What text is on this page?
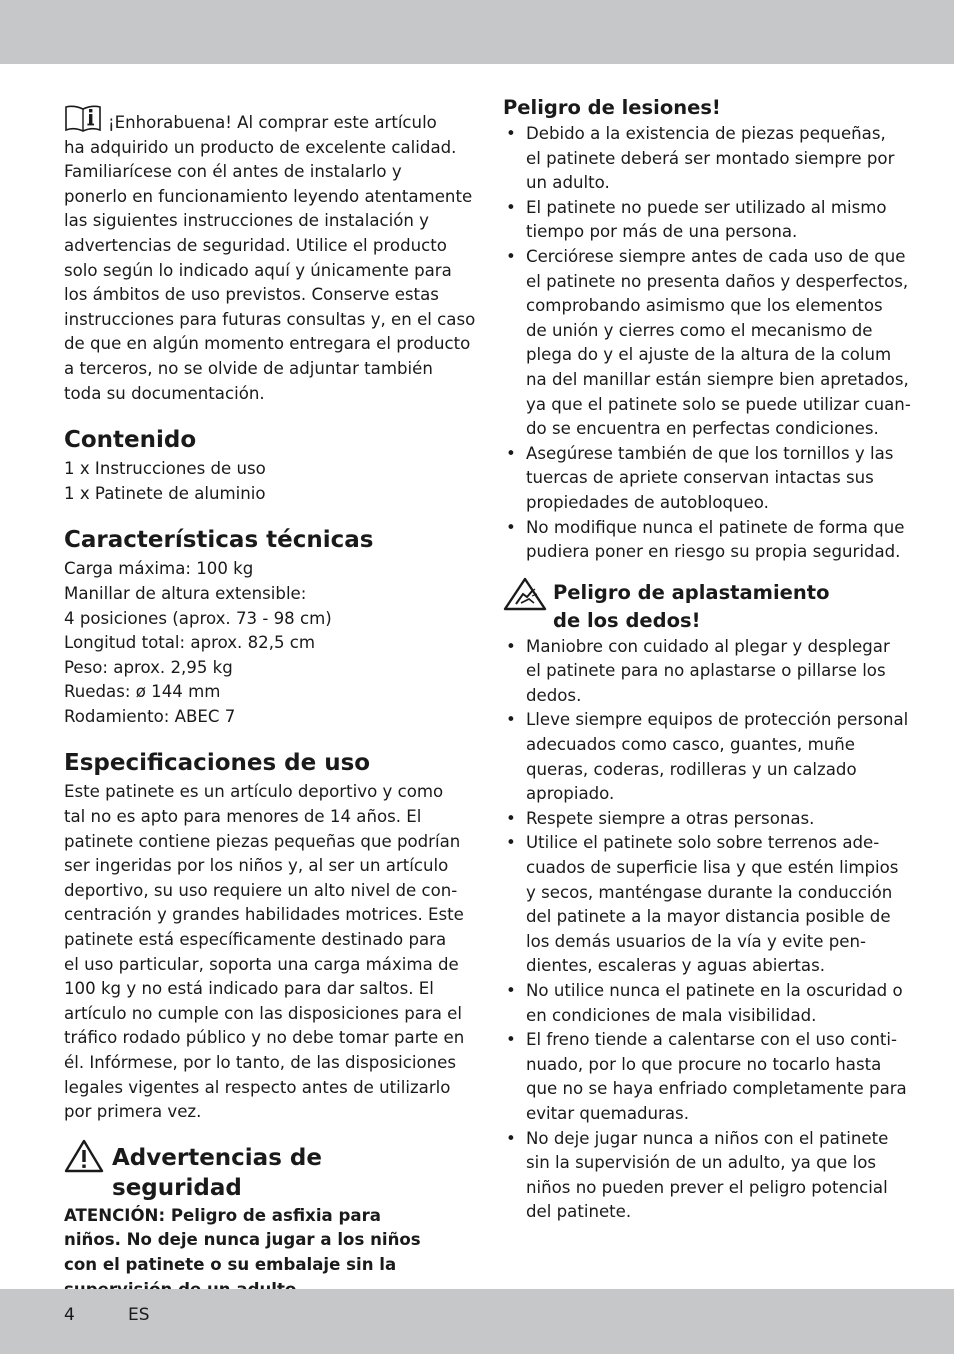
¡Enhorabuena! Al comprar este artículo
ha adquirido un producto de excelente calidad.
Familiarícese con él antes de instalarlo y
ponerlo en funcionamiento leyendo atentamente
las siguientes instrucciones de instalación y
advertencias de seguridad. Utilice el producto
solo según lo indicado aquí y únicamente para
los ámbitos de uso previstos. Conserve estas
instrucciones para futuras consultas y, en el caso
de que en algún momento entregara el producto
a terceros, no se olvide de adjuntar también
toda su documentación.

Contenido

1 x Instrucciones de uso
1 x Patinete de aluminio

Características técnicas

Carga máxima: 100 kg
Manillar de altura extensible:
4 posiciones (aprox. 73 - 98 cm)
Longitud total: aprox. 82,5 cm
Peso: aprox. 2,95 kg
Ruedas: ø 144 mm
Rodamiento: ABEC 7

Especificaciones de uso

Este patinete es un artículo deportivo y como
tal no es apto para menores de 14 años. El
patinete contiene piezas pequeñas que podrían
ser ingeridas por los niños y, al ser un artículo
deportivo, su uso requiere un alto nivel de con-
centración y grandes habilidades motrices. Este
patinete está específicamente destinado para
el uso particular, soporta una carga máxima de
100 kg y no está indicado para dar saltos. El
artículo no cumple con las disposiciones para el
tráfico rodado público y no debe tomar parte en
él. Infórmese, por lo tanto, de las disposiciones
legales vigentes al respecto antes de utilizarlo
por primera vez.

Advertencias de seguridad

ATENCIÓN: Peligro de asfixia para
niños. No deje nunca jugar a los niños
con el patinete o su embalaje sin la

Peligro de lesiones!
• Debido a la existencia de piezas pequeñas,
el patinete deberá ser montado siempre por
un adulto.
• El patinete no puede ser utilizado al mismo
tiempo por más de una persona.
• Cerciórese siempre antes de cada uso de que
el patinete no presenta daños y desperfectos,
comprobando asimismo que los elementos
de unión y cierres como el mecanismo de
plega do y el ajuste de la altura de la colum
na del manillar están siempre bien apretados,
ya que el patinete solo se puede utilizar cuan-
do se encuentra en perfectas condiciones.
• Asegúrese también de que los tornillos y las
tuercas de apriete conservan intactas sus
propiedades de autobloqueo.
• No modifique nunca el patinete de forma que
pudiera poner en riesgo su propia seguridad.
Peligro de aplastamiento
de los dedos!
• Maniobre con cuidado al plegar y desplegar
el patinete para no aplastarse o pillarse los
dedos.
• Lleve siempre equipos de protección personal
adecuados como casco, guantes, muñe
queras, coderas, rodilleras y un calzado
apropiado.
• Respete siempre a otras personas.
• Utilice el patinete solo sobre terrenos ade-
cuados de superficie lisa y que estén limpios
y secos, manténgase durante la conducción
del patinete a la mayor distancia posible de
los demás usuarios de la vía y evite pen-
dientes, escaleras y aguas abiertas.
• No utilice nunca el patinete en la oscuridad o
en condiciones de mala visibilidad.
• El freno tiende a calentarse con el uso conti-
nuado, por lo que procure no tocarlo hasta
que no se haya enfriado completamente para
evitar quemaduras.
• No deje jugar nunca a niños con el patinete
sin la supervisión de un adulto, ya que los
niños no pueden prever el peligro potencial
del patinete.
4	ES
